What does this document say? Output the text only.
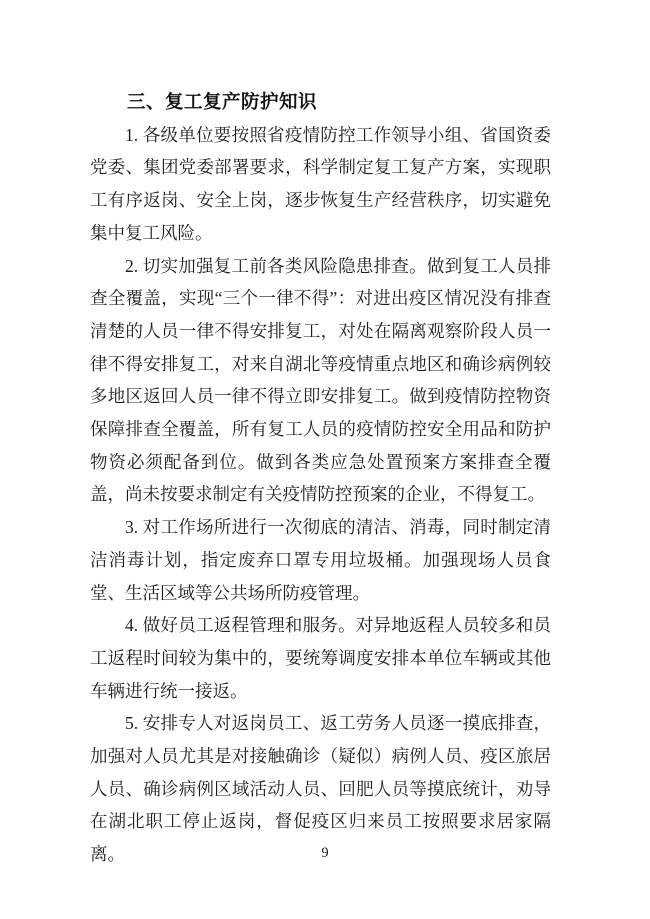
三、复工复产防护知识

1. 各级单位要按照省疫情防控工作领导小组、省国资委党委、集团党委部署要求，科学制定复工复产方案，实现职工有序返岗、安全上岗，逐步恢复生产经营秩序，切实避免集中复工风险。

2. 切实加强复工前各类风险隐患排查。做到复工人员排查全覆盖，实现“三个一律不得”：对进出疫区情况没有排查清楚的人员一律不得安排复工，对处在隔离观察阶段人员一律不得安排复工，对来自湖北等疫情重点地区和确诊病例较多地区返回人员一律不得立即安排复工。做到疫情防控物资保障排查全覆盖，所有复工人员的疫情防控安全用品和防护物资必须配备到位。做到各类应急处置预案方案排查全覆盖，尚未按要求制定有关疫情防控预案的企业，不得复工。

3. 对工作场所进行一次彻底的清洁、消毒，同时制定清洁消毒计划，指定废弃口罩专用垃圾桶。加强现场人员食堂、生活区域等公共场所防疫管理。

4. 做好员工返程管理和服务。对异地返程人员较多和员工返程时间较为集中的，要统筹调度安排本单位车辆或其他车辆进行统一接返。

5. 安排专人对返岗员工、返工劳务人员逐一摸底排查，加强对人员尤其是对接触确诊（疑似）病例人员、疫区旅居人员、确诊病例区域活动人员、回肥人员等摸底统计，劝导在湖北职工停止返岗，督促疫区归来员工按照要求居家隔离。	9
